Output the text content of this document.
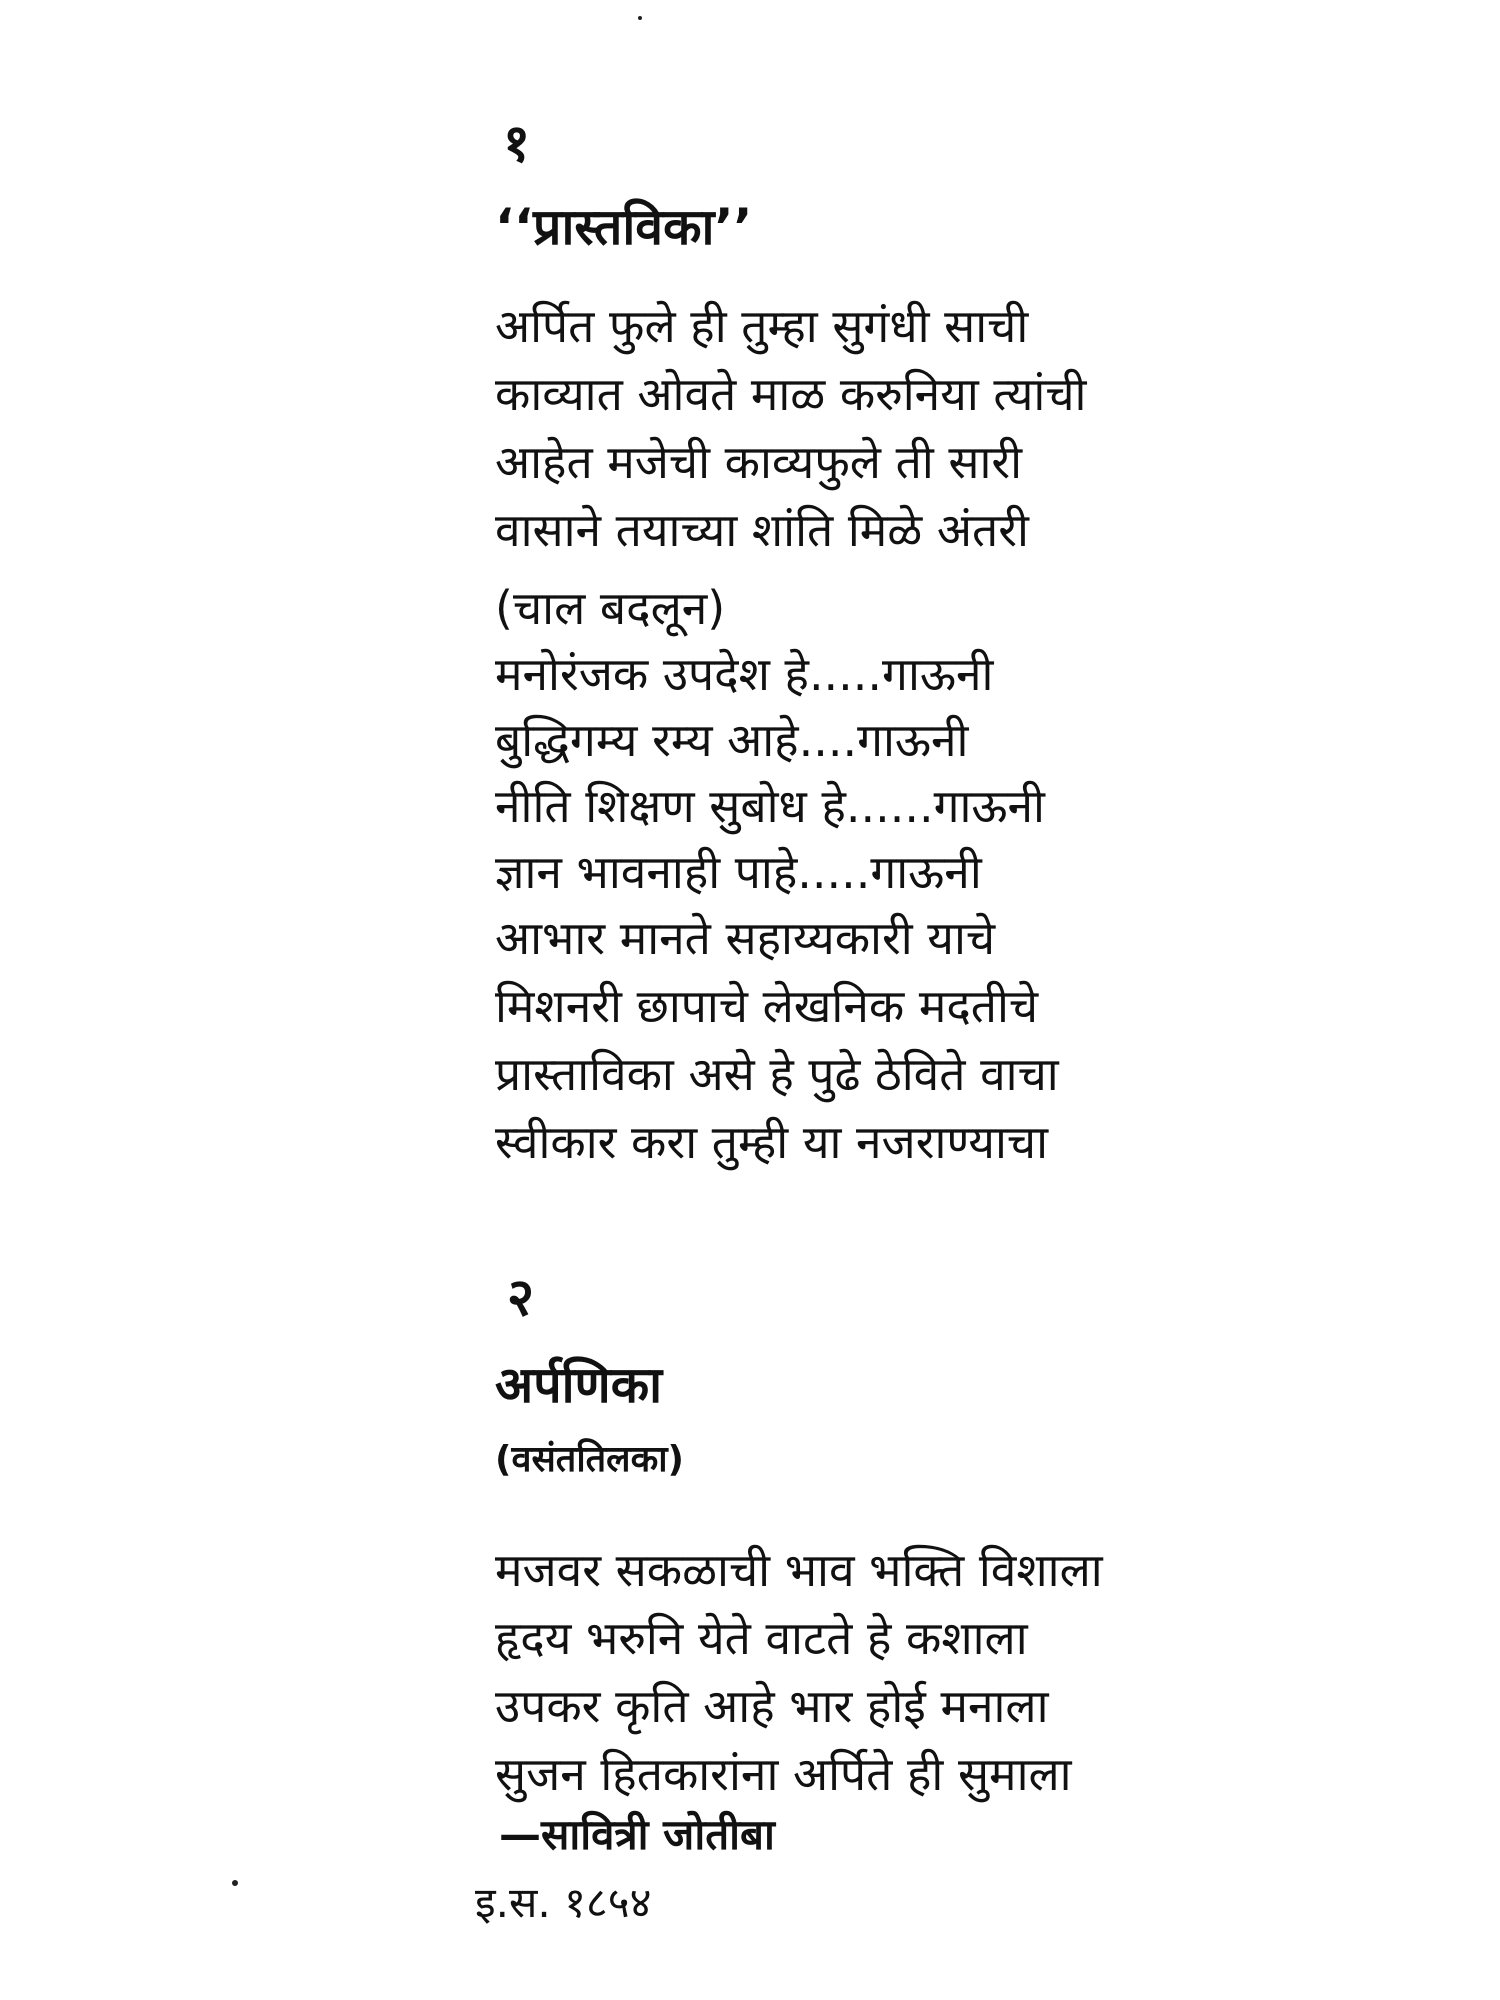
१
‘‘प्रास्तविका’’
अर्पित फुले ही तुम्हा सुगंधी साची
काव्यात ओवते माळ करुनिया त्यांची
आहेत मजेची काव्यफुले ती सारी
वासाने तयाच्या शांति मिळे अंतरी
(चाल बदलून)
मनोरंजक उपदेश हे.....गाऊनी
बुद्धिगम्य रम्य आहे....गाऊनी
नीति शिक्षण सुबोध हे......गाऊनी
ज्ञान भावनाही पाहे.....गाऊनी
आभार मानते सहाय्यकारी याचे
मिशनरी छापाचे लेखनिक मदतीचे
प्रास्ताविका असे हे पुढे ठेविते वाचा
स्वीकार करा तुम्ही या नजराण्याचा
२
अर्पणिका
(वसंततिलका)
मजवर सकळाची भाव भक्ति विशाला
हृदय भरुनि येते वाटते हे कशाला
उपकर कृति आहे भार होई मनाला
सुजन हितकारांना अर्पिते ही सुमाला
—सावित्री जोतीबा
इ.स. १८५४
